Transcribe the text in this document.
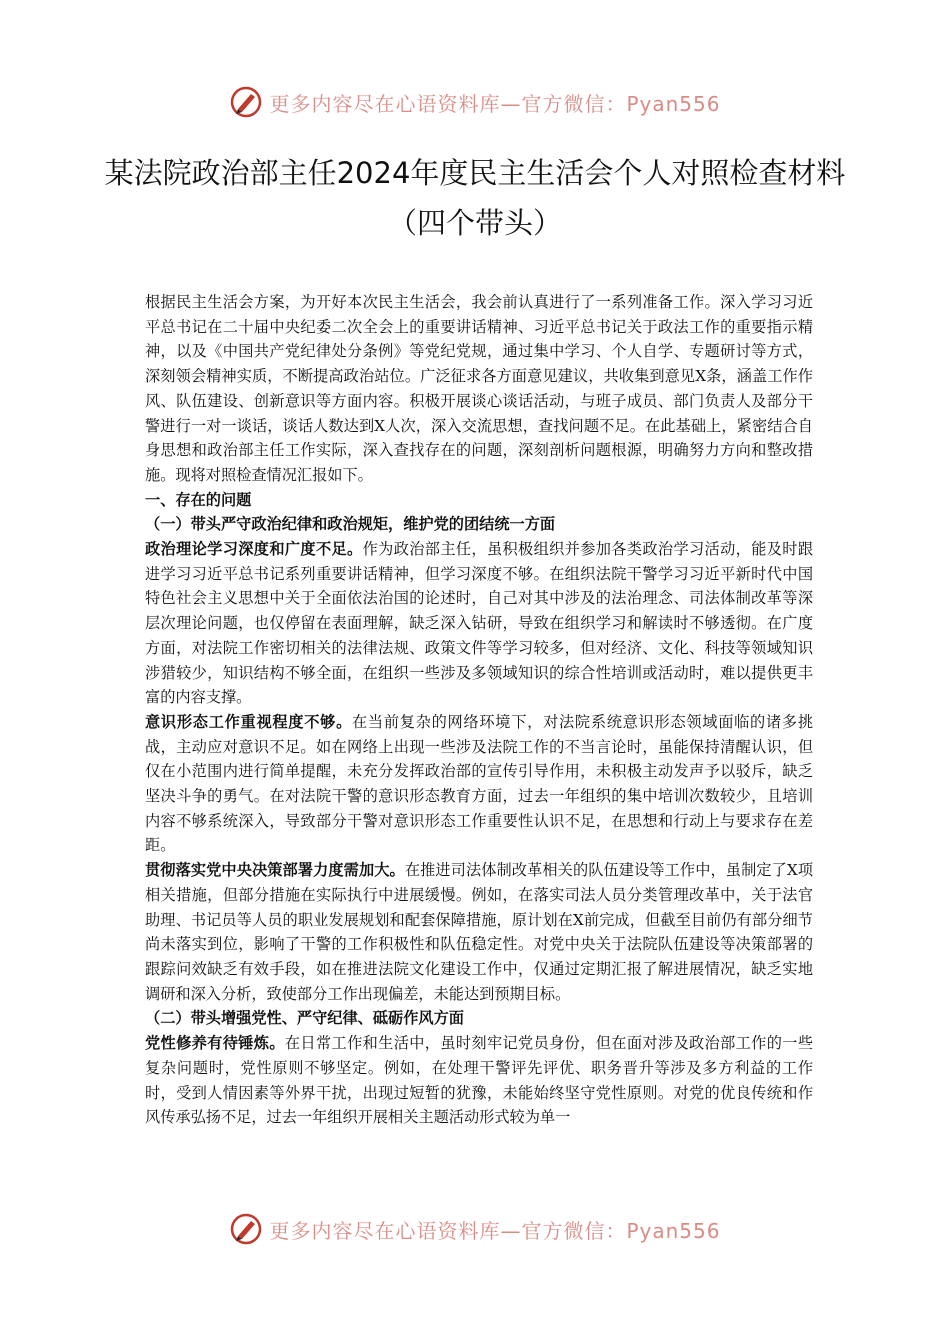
更多内容尽在心语资料库—官方微信：Pyan556
某法院政治部主任2024年度民主生活会个人对照检查材料（四个带头）

根据民主生活会方案，为开好本次民主生活会，我会前认真进行了一系列准备工作。深入学习习近平总书记在二十届中央纪委二次全会上的重要讲话精神、习近平总书记关于政法工作的重要指示精神，以及《中国共产党纪律处分条例》等党纪党规，通过集中学习、个人自学、专题研讨等方式，深刻领会精神实质，不断提高政治站位。广泛征求各方面意见建议，共收集到意见X条，涵盖工作作风、队伍建设、创新意识等方面内容。积极开展谈心谈话活动，与班子成员、部门负责人及部分干警进行一对一谈话，谈话人数达到X人次，深入交流思想，查找问题不足。在此基础上，紧密结合自身思想和政治部主任工作实际，深入查找存在的问题，深刻剖析问题根源，明确努力方向和整改措施。现将对照检查情况汇报如下。

一、存在的问题

（一）带头严守政治纪律和政治规矩，维护党的团结统一方面

政治理论学习深度和广度不足。作为政治部主任，虽积极组织并参加各类政治学习活动，能及时跟进学习习近平总书记系列重要讲话精神，但学习深度不够。在组织法院干警学习习近平新时代中国特色社会主义思想中关于全面依法治国的论述时，自己对其中涉及的法治理念、司法体制改革等深层次理论问题，也仅停留在表面理解，缺乏深入钻研，导致在组织学习和解读时不够透彻。在广度方面，对法院工作密切相关的法律法规、政策文件等学习较多，但对经济、文化、科技等领域知识涉猎较少，知识结构不够全面，在组织一些涉及多领域知识的综合性培训或活动时，难以提供更丰富的内容支撑。

意识形态工作重视程度不够。在当前复杂的网络环境下，对法院系统意识形态领域面临的诸多挑战，主动应对意识不足。如在网络上出现一些涉及法院工作的不当言论时，虽能保持清醒认识，但仅在小范围内进行简单提醒，未充分发挥政治部的宣传引导作用，未积极主动发声予以驳斥，缺乏坚决斗争的勇气。在对法院干警的意识形态教育方面，过去一年组织的集中培训次数较少，且培训内容不够系统深入，导致部分干警对意识形态工作重要性认识不足，在思想和行动上与要求存在差距。

贯彻落实党中央决策部署力度需加大。在推进司法体制改革相关的队伍建设等工作中，虽制定了X项相关措施，但部分措施在实际执行中进展缓慢。例如，在落实司法人员分类管理改革中，关于法官助理、书记员等人员的职业发展规划和配套保障措施，原计划在X前完成，但截至目前仍有部分细节尚未落实到位，影响了干警的工作积极性和队伍稳定性。对党中央关于法院队伍建设等决策部署的跟踪问效缺乏有效手段，如在推进法院文化建设工作中，仅通过定期汇报了解进展情况，缺乏实地调研和深入分析，致使部分工作出现偏差，未能达到预期目标。

（二）带头增强党性、严守纪律、砥砺作风方面

党性修养有待锤炼。在日常工作和生活中，虽时刻牢记党员身份，但在面对涉及政治部工作的一些复杂问题时，党性原则不够坚定。例如，在处理干警评先评优、职务晋升等涉及多方利益的工作时，受到人情因素等外界干扰，出现过短暂的犹豫，未能始终坚守党性原则。对党的优良传统和作风传承弘扬不足，过去一年组织开展相关主题活动形式较为单一

更多内容尽在心语资料库—官方微信：Pyan556
